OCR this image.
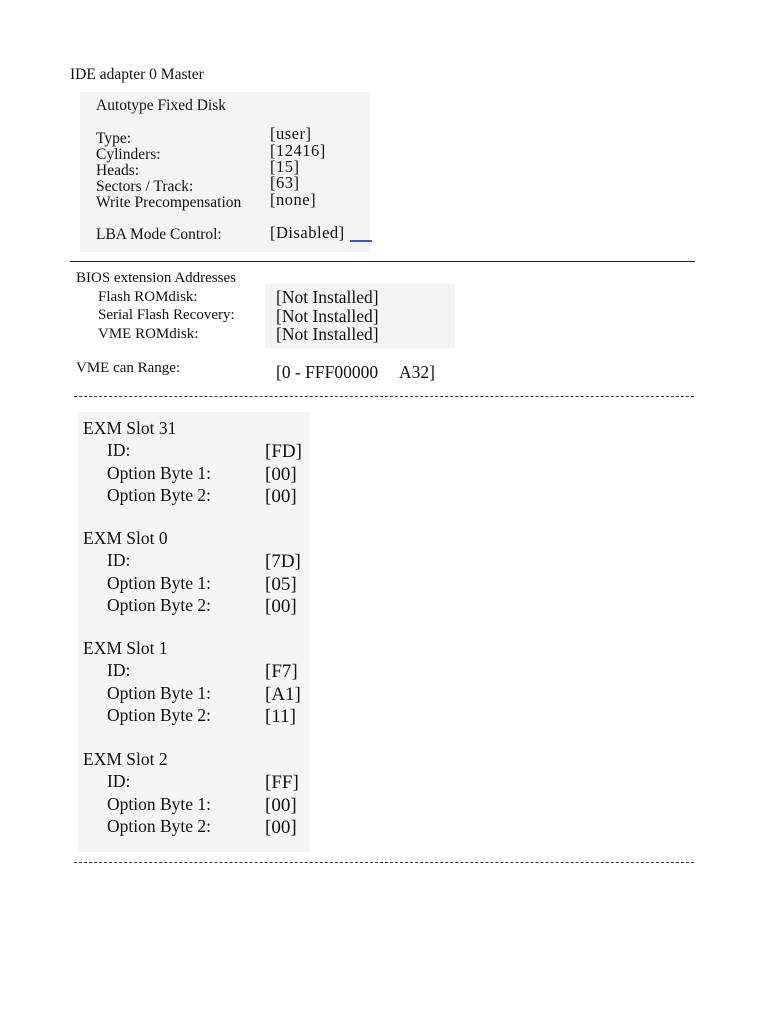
IDE adapter 0 Master
Autotype Fixed Disk
Type:	[user]
Cylinders:	[12416]
Heads:	[15]
Sectors / Track:	[63]
Write Precompensation [none]
LBA Mode Control:	[Disabled]
BIOS extension Addresses
Flash ROMdisk:	[Not Installed]
Serial Flash Recovery: [Not Installed]
VME ROMdisk:	[Not Installed]
VME can Range:	[0 - FFF00000     A32]
EXM Slot 31
ID:	[FD]
Option Byte 1:	[00]
Option Byte 2:	[00]
EXM Slot 0
ID:	[7D]
Option Byte 1:	[05]
Option Byte 2:	[00]
EXM Slot 1
ID:	[F7]
Option Byte 1:	[A1]
Option Byte 2:	[11]
EXM Slot 2
ID:	[FF]
Option Byte 1:	[00]
Option Byte 2:	[00]
